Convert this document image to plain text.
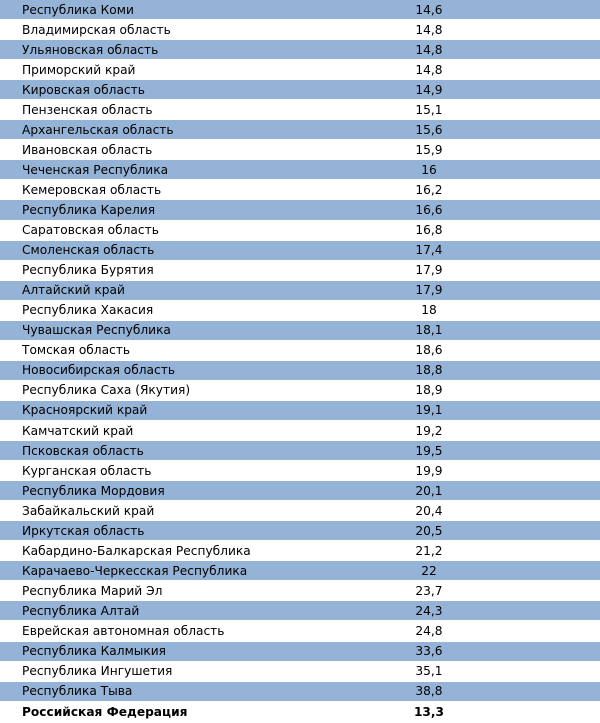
Республика Коми	14,6
Владимирская область	14,8
Ульяновская область	14,8
Приморский край	14,8
Кировская область	14,9
Пензенская область	15,1
Архангельская область	15,6
Ивановская область	15,9
Чеченская Республика	16
Кемеровская область	16,2
Республика Карелия	16,6
Саратовская область	16,8
Смоленская область	17,4
Республика Бурятия	17,9
Алтайский край	17,9
Республика Хакасия	18
Чувашская Республика	18,1
Томская область	18,6
Новосибирская область	18,8
Республика Саха (Якутия)	18,9
Красноярский край	19,1
Камчатский край	19,2
Псковская область	19,5
Курганская область	19,9
Республика Мордовия	20,1
Забайкальский край	20,4
Иркутская область	20,5
Кабардино-Балкарская Республика	21,2
Карачаево-Черкесская Республика	22
Республика Марий Эл	23,7
Республика Алтай	24,3
Еврейская автономная область	24,8
Республика Калмыкия	33,6
Республика Ингушетия	35,1
Республика Тыва	38,8
Российская Федерация	13,3
